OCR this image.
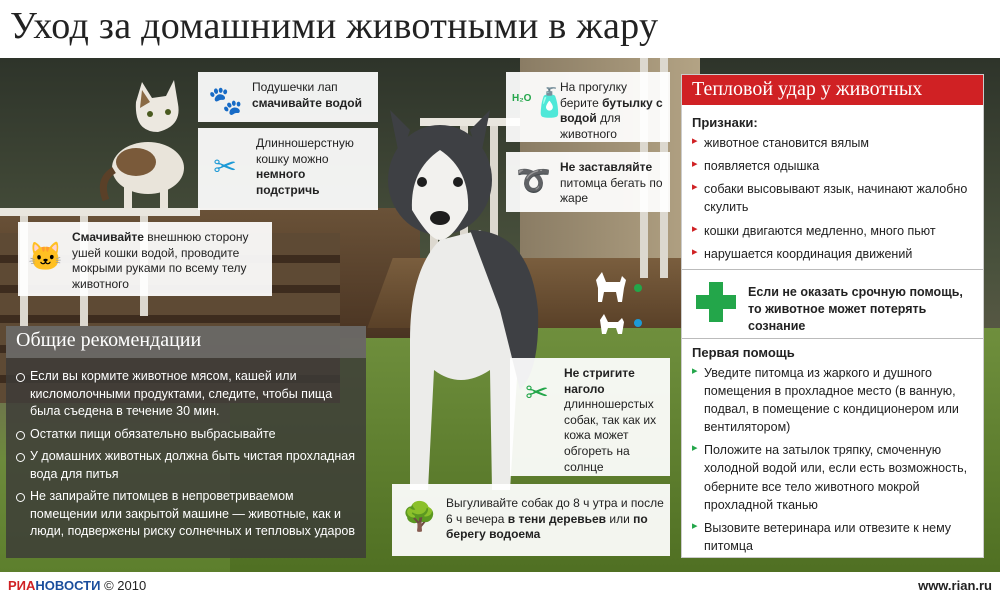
Уход за домашними животными в жару
🐾 Подушечки лап
смачивайте водой
✂
Длинношерстную кошку можно
немного подстричь
🐱
Смачивайте внешнюю сторону ушей кошки водой, проводите мокрыми руками по всему телу животного
H₂O 🧴
На прогулку берите бутылку с водой для животного
➰ Не заставляйте питомца бегать по жаре
✂
Не стригите наголо
длинношерстых собак, так как их кожа может обгореть на солнце
🌳 Выгуливайте собак до 8 ч утра и после 6 ч вечера в тени деревьев или по берегу водоема
Общие рекомендации
Если вы кормите животное мясом, кашей или кисломолочными продуктами, следите, чтобы пища была съедена в течение 30 мин.
Остатки пищи обязательно выбрасывайте
У домашних животных должна быть чистая прохладная вода для питья
Не запирайте питомцев в непроветриваемом помещении или закрытой машине — животные, как и люди, подвержены риску солнечных и тепловых ударов
Тепловой удар у животных
Признаки:
▸ животное становится вялым
▸ появляется одышка
▸ собаки высовывают язык, начинают жалобно скулить
▸ кошки двигаются медленно, много пьют
▸ нарушается координация движений
Если не оказать срочную помощь, то животное может потерять сознание
Первая помощь
▸ Уведите питомца из жаркого и душного помещения в прохладное место (в ванную, подвал, в помещение с кондиционером или вентилятором)
▸ Положите на затылок тряпку, смоченную холодной водой или, если есть возможность, оберните все тело животного мокрой прохладной тканью
▸ Вызовите ветеринара или отвезите к нему питомца
РИАНОВОСТИ © 2010	www.rian.ru
